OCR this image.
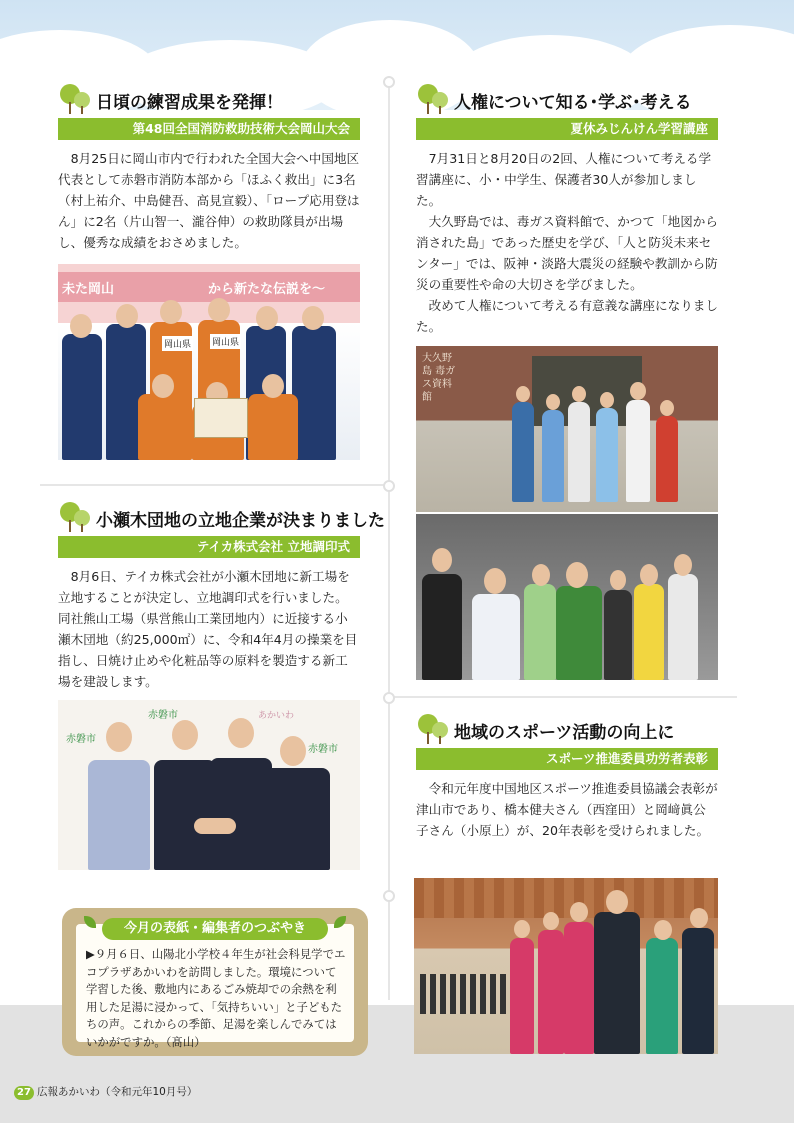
日頃の練習成果を発揮！
第48回全国消防救助技術大会岡山大会
8月25日に岡山市内で行われた全国大会へ中国地区代表として赤磐市消防本部から「ほふく救出」に3名（村上祐介、中島健吾、高見宣毅）、「ロープ応用登はん」に2名（片山智一、瀧谷伸）の救助隊員が出場し、優秀な成績をおさめました。
未た岡山	から新たな伝説を～
岡山県 岡山県
小瀬木団地の立地企業が決まりました
テイカ株式会社 立地調印式
8月6日、テイカ株式会社が小瀬木団地に新工場を立地することが決定し、立地調印式を行いました。同社熊山工場（県営熊山工業団地内）に近接する小瀬木団地（約25,000㎡）に、令和4年4月の操業を目指し、日焼け止めや化粧品等の原料を製造する新工場を建設します。
赤磐市
赤磐市
赤磐市
あかいわ
人権について知る･学ぶ･考える
夏休みじんけん学習講座

7月31日と8月20日の2回、人権について考える学習講座に、小・中学生、保護者30人が参加しました。

大久野島では、毒ガス資料館で、かつて「地図から消された島」であった歴史を学び、「人と防災未来センター」では、阪神・淡路大震災の経験や教訓から防災の重要性や命の大切さを学びました。

改めて人権について考える有意義な講座になりました。

大久野島 毒ガス資料館
地域のスポーツ活動の向上に
スポーツ推進委員功労者表彰
令和元年度中国地区スポーツ推進委員協議会表彰が津山市であり、橋本健夫さん（西窪田）と岡﨑眞公子さん（小原上）が、20年表彰を受けられました。
▶９月６日、山陽北小学校４年生が社会科見学でエコプラザあかいわを訪問しました。環境について学習した後、敷地内にあるごみ焼却での余熱を利用した足湯に浸かって、「気持ちいい」と子どもたちの声。これからの季節、足湯を楽しんでみてはいかがですか。（髙山）
今月の表紙・編集者のつぶやき
27 広報あかいわ（令和元年10月号）
